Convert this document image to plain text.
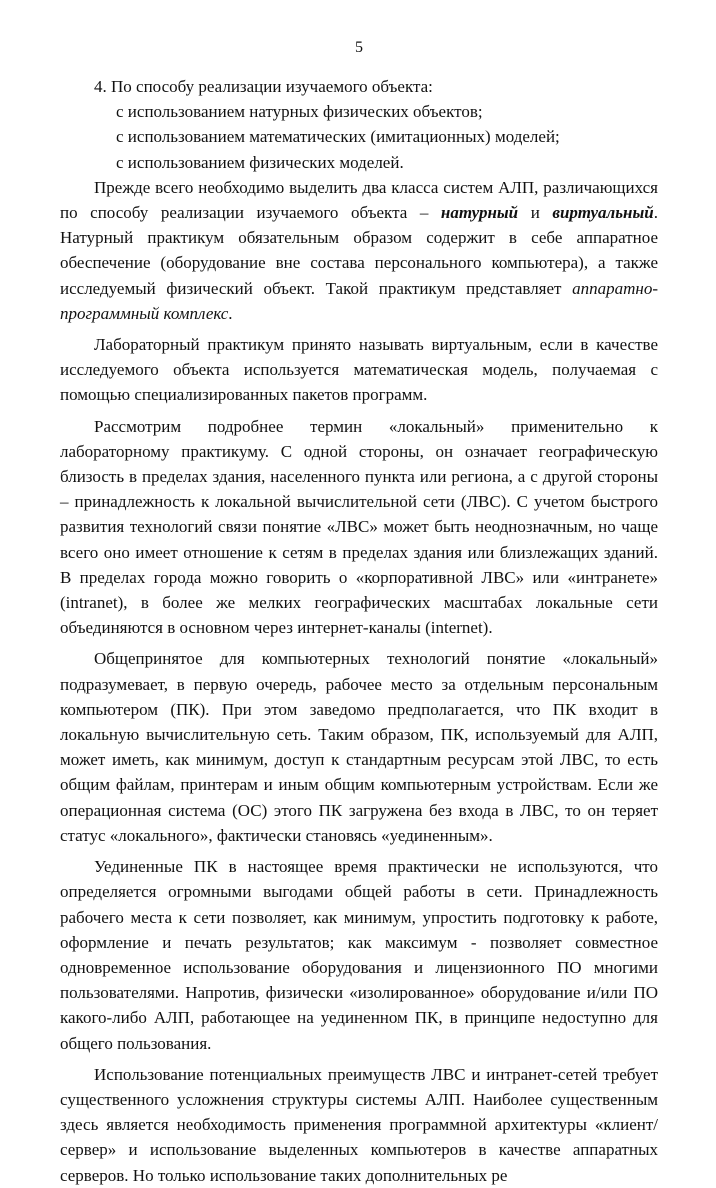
5
4. По способу реализации изучаемого объекта:
с использованием натурных физических объектов;
с использованием математических (имитационных) моделей;
с использованием физических моделей.

Прежде всего необходимо выделить два класса систем АЛП, различающихся по способу реализации изучаемого объекта – натурный и виртуальный. Натурный практикум обязательным образом содержит в себе аппаратное обеспечение (оборудование вне состава персонального компьютера), а также исследуемый физический объект. Такой практикум представляет аппаратно-программный комплекс.

Лабораторный практикум принято называть виртуальным, если в качестве исследуемого объекта используется математическая модель, получаемая с помощью специализированных пакетов программ.

Рассмотрим подробнее термин «локальный» применительно к лабораторному практикуму. С одной стороны, он означает географическую близость в пределах здания, населенного пункта или региона, а с другой стороны – принадлежность к локальной вычислительной сети (ЛВС). С учетом быстрого развития технологий связи понятие «ЛВС» может быть неоднозначным, но чаще всего оно имеет отношение к сетям в пределах здания или близлежащих зданий. В пределах города можно говорить о «корпоративной ЛВС» или «интранете» (intranet), в более же мелких географических масштабах локальные сети объединяются в основном через интернет-каналы (internet).

Общепринятое для компьютерных технологий понятие «локальный» подразумевает, в первую очередь, рабочее место за отдельным персональным компьютером (ПК). При этом заведомо предполагается, что ПК входит в локальную вычислительную сеть. Таким образом, ПК, используемый для АЛП, может иметь, как минимум, доступ к стандартным ресурсам этой ЛВС, то есть общим файлам, принтерам и иным общим компьютерным устройствам. Если же операционная система (ОС) этого ПК загружена без входа в ЛВС, то он теряет статус «локального», фактически становясь «уединенным».

Уединенные ПК в настоящее время практически не используются, что определяется огромными выгодами общей работы в сети. Принадлежность рабочего места к сети позволяет, как минимум, упростить подготовку к работе, оформление и печать результатов; как максимум - позволяет совместное одновременное использование оборудования и лицензионного ПО многими пользователями. Напротив, физически «изолированное» оборудование и/или ПО какого-либо АЛП, работающее на уединенном ПК, в принципе недоступно для общего пользования.

Использование потенциальных преимуществ ЛВС и интранет-сетей требует существенного усложнения структуры системы АЛП. Наиболее существенным здесь является необходимость применения программной архитектуры «клиент/сервер» и использование выделенных компьютеров в качестве аппаратных серверов. Но только использование таких дополнительных ре
